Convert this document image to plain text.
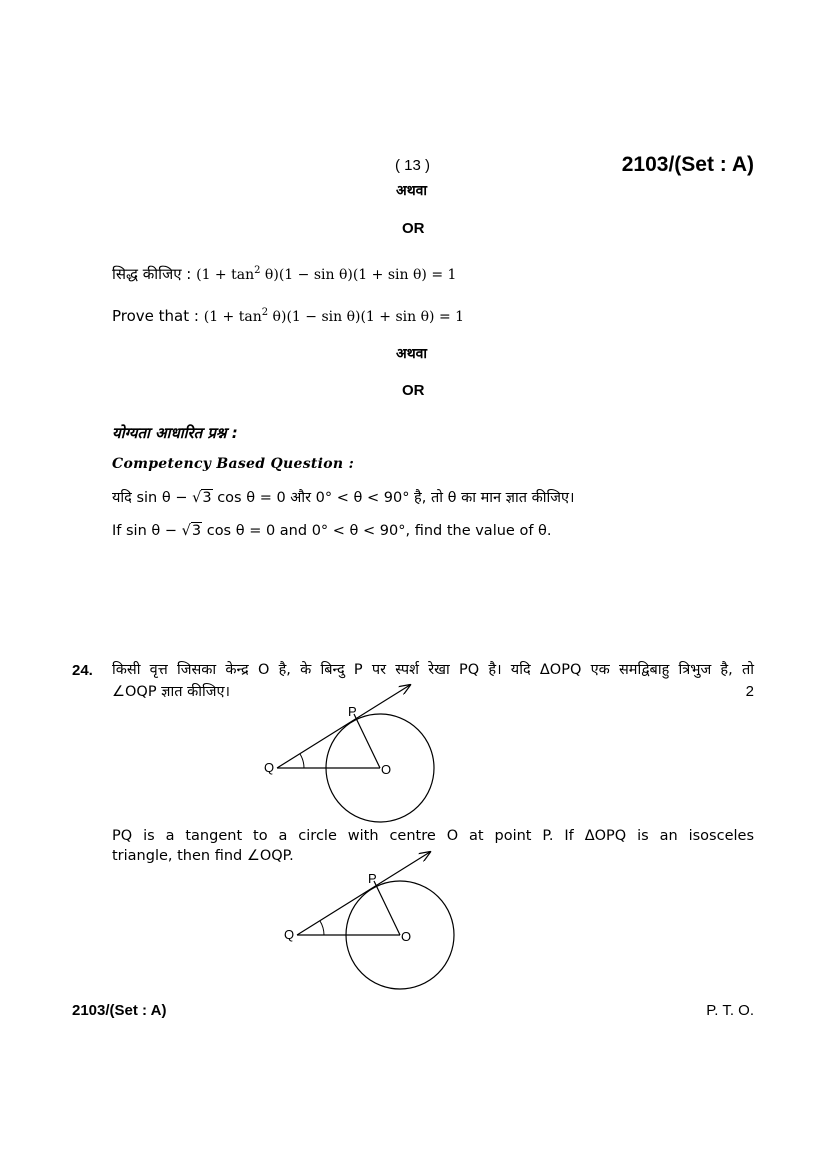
( 13 )	2103/(Set : A)
अथवा
OR
सिद्ध कीजिए : $(1 + \tan^2 \theta)(1 - \sin \theta)(1 + \sin \theta) = 1$
Prove that : $(1 + \tan^2 \theta)(1 - \sin \theta)(1 + \sin \theta) = 1$
अथवा
OR
योग्यता आधारित प्रश्न :
Competency Based Question :
यदि sin θ − √3 cos θ = 0 और 0° < θ < 90° है, तो θ का मान ज्ञात कीजिए।
If sin θ − √3 cos θ = 0 and 0° < θ < 90°, find the value of θ.
24. किसी वृत्त जिसका केन्द्र O है, के बिन्दु P पर स्पर्श रेखा PQ है। यदि ΔOPQ एक समद्विबाहु त्रिभुज है, तो
∠OQP ज्ञात कीजिए।	2
P
Q	O
PQ is a tangent to a circle with centre O at point P. If ΔOPQ is an isosceles
triangle, then find ∠OQP.
P
Q	O
2103/(Set : A)	P. T. O.
